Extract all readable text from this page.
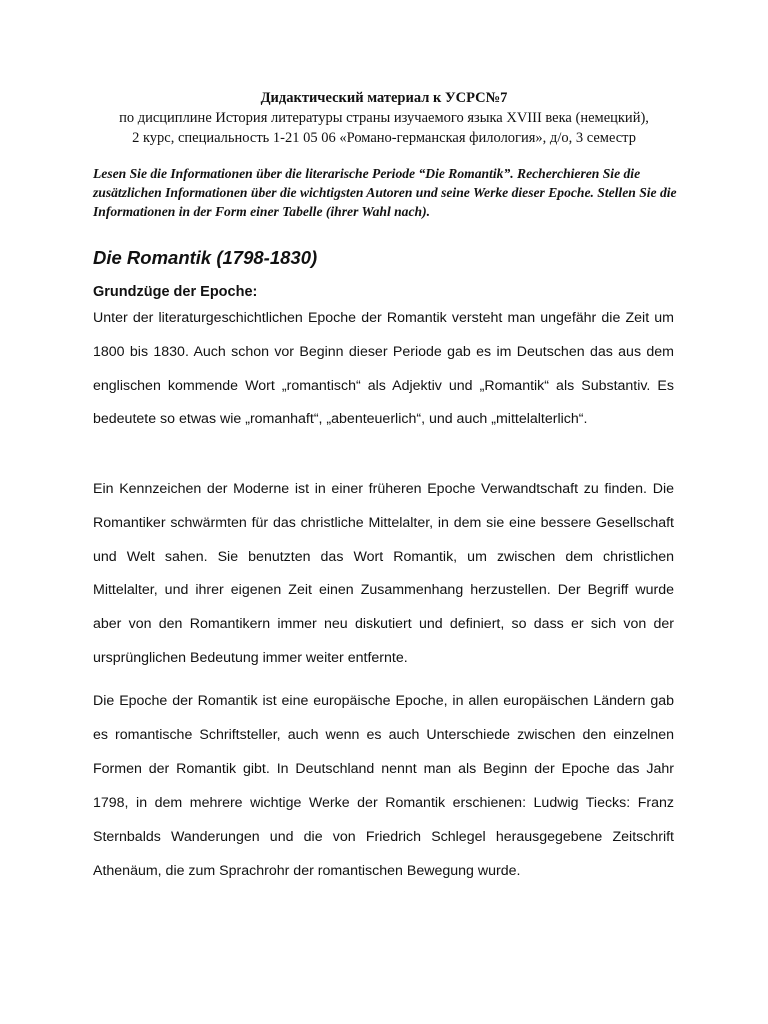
Дидактический материал к УСРС№7
по дисциплине История литературы страны изучаемого языка XVIII века (немецкий),
2 курс, специальность 1-21 05 06 «Романо-германская филология», д/о, 3 семестр
Lesen Sie die Informationen über die literarische Periode “Die Romantik”. Recherchieren Sie die zusätzlichen Informationen über die wichtigsten Autoren und seine Werke dieser Epoche. Stellen Sie die Informationen in der Form einer Tabelle (ihrer Wahl nach).
Die Romantik (1798-1830)
Grundzüge der Epoche:

Unter der literaturgeschichtlichen Epoche der Romantik versteht man ungefähr die Zeit um 1800 bis 1830. Auch schon vor Beginn dieser Periode gab es im Deutschen das aus dem englischen kommende Wort „romantisch“ als Adjektiv und „Romantik“ als Substantiv. Es bedeutete so etwas wie „romanhaft“, „abenteuerlich“, und auch „mittelalterlich“.

Ein Kennzeichen der Moderne ist in einer früheren Epoche Verwandtschaft zu finden. Die Romantiker schwärmten für das christliche Mittelalter, in dem sie eine bessere Gesellschaft und Welt sahen. Sie benutzten das Wort Romantik, um zwischen dem christlichen Mittelalter, und ihrer eigenen Zeit einen Zusammenhang herzustellen. Der Begriff wurde aber von den Romantikern immer neu diskutiert und definiert, so dass er sich von der ursprünglichen Bedeutung immer weiter entfernte.

Die Epoche der Romantik ist eine europäische Epoche, in allen europäischen Ländern gab es romantische Schriftsteller, auch wenn es auch Unterschiede zwischen den einzelnen Formen der Romantik gibt. In Deutschland nennt man als Beginn der Epoche das Jahr 1798, in dem mehrere wichtige Werke der Romantik erschienen: Ludwig Tiecks: Franz Sternbalds Wanderungen und die von Friedrich Schlegel herausgegebene Zeitschrift Athenäum, die zum Sprachrohr der romantischen Bewegung wurde.
